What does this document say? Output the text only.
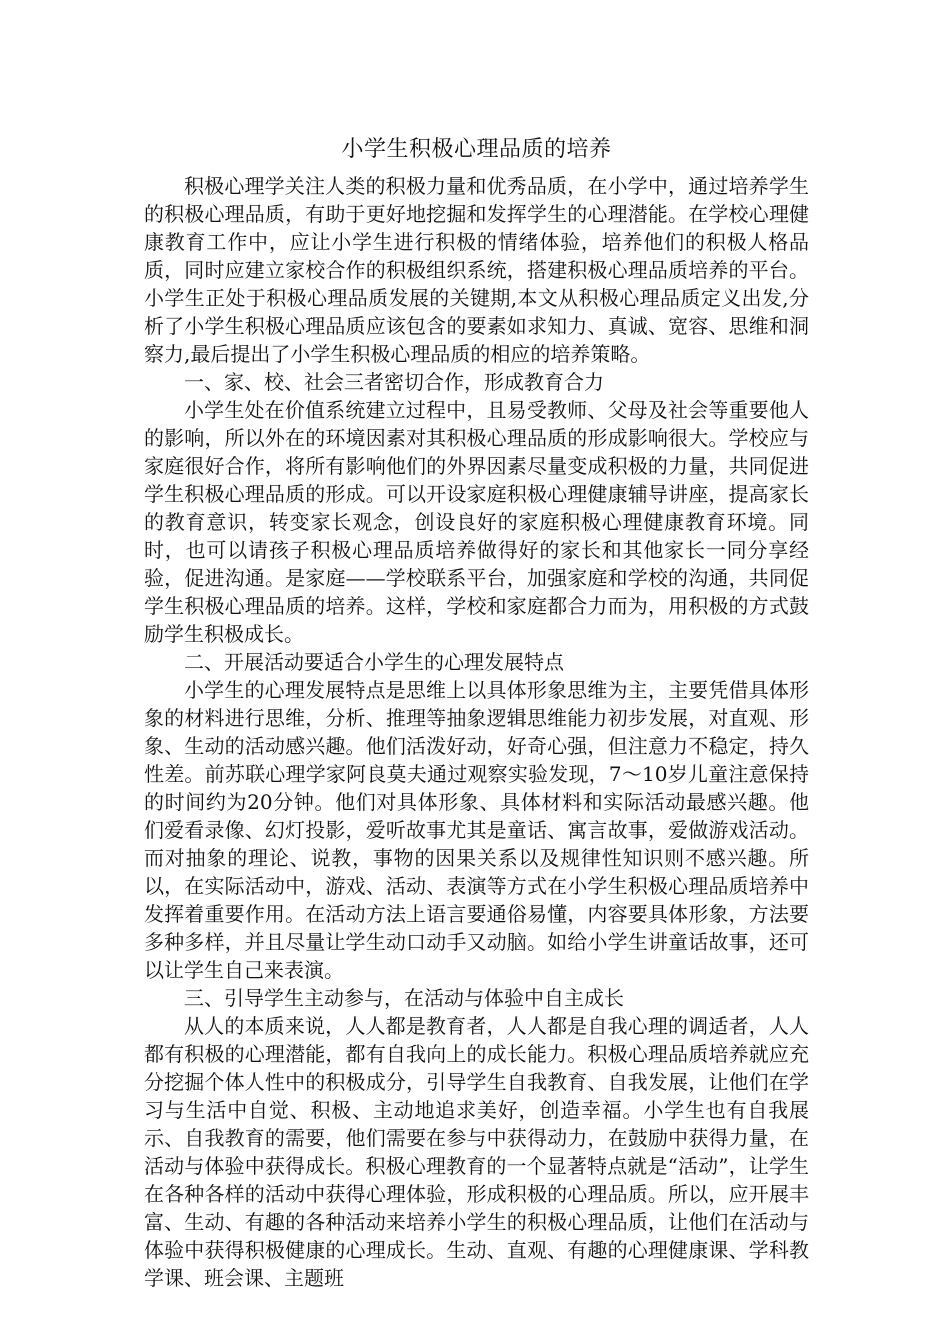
小学生积极心理品质的培养

积极心理学关注人类的积极力量和优秀品质，在小学中，通过培养学生的积极心理品质，有助于更好地挖掘和发挥学生的心理潜能。在学校心理健康教育工作中，应让小学生进行积极的情绪体验，培养他们的积极人格品质，同时应建立家校合作的积极组织系统，搭建积极心理品质培养的平台。小学生正处于积极心理品质发展的关键期,本文从积极心理品质定义出发,分析了小学生积极心理品质应该包含的要素如求知力、真诚、宽容、思维和洞察力,最后提出了小学生积极心理品质的相应的培养策略。

一、家、校、社会三者密切合作，形成教育合力

小学生处在价值系统建立过程中，且易受教师、父母及社会等重要他人的影响，所以外在的环境因素对其积极心理品质的形成影响很大。学校应与家庭很好合作，将所有影响他们的外界因素尽量变成积极的力量，共同促进学生积极心理品质的形成。可以开设家庭积极心理健康辅导讲座，提高家长的教育意识，转变家长观念，创设良好的家庭积极心理健康教育环境。同时，也可以请孩子积极心理品质培养做得好的家长和其他家长一同分享经验，促进沟通。是家庭——学校联系平台，加强家庭和学校的沟通，共同促学生积极心理品质的培养。这样，学校和家庭都合力而为，用积极的方式鼓励学生积极成长。

二、开展活动要适合小学生的心理发展特点

小学生的心理发展特点是思维上以具体形象思维为主，主要凭借具体形象的材料进行思维，分析、推理等抽象逻辑思维能力初步发展，对直观、形象、生动的活动感兴趣。他们活泼好动，好奇心强，但注意力不稳定，持久性差。前苏联心理学家阿良莫夫通过观察实验发现，7～10岁儿童注意保持的时间约为20分钟。他们对具体形象、具体材料和实际活动最感兴趣。他们爱看录像、幻灯投影，爱听故事尤其是童话、寓言故事，爱做游戏活动。而对抽象的理论、说教，事物的因果关系以及规律性知识则不感兴趣。所以，在实际活动中，游戏、活动、表演等方式在小学生积极心理品质培养中发挥着重要作用。在活动方法上语言要通俗易懂，内容要具体形象，方法要多种多样，并且尽量让学生动口动手又动脑。如给小学生讲童话故事，还可以让学生自己来表演。

三、引导学生主动参与，在活动与体验中自主成长

从人的本质来说，人人都是教育者，人人都是自我心理的调适者，人人都有积极的心理潜能，都有自我向上的成长能力。积极心理品质培养就应充分挖掘个体人性中的积极成分，引导学生自我教育、自我发展，让他们在学习与生活中自觉、积极、主动地追求美好，创造幸福。小学生也有自我展示、自我教育的需要，他们需要在参与中获得动力，在鼓励中获得力量，在活动与体验中获得成长。积极心理教育的一个显著特点就是“活动”，让学生在各种各样的活动中获得心理体验，形成积极的心理品质。所以，应开展丰富、生动、有趣的各种活动来培养小学生的积极心理品质，让他们在活动与体验中获得积极健康的心理成长。生动、直观、有趣的心理健康课、学科教学课、班会课、主题班
